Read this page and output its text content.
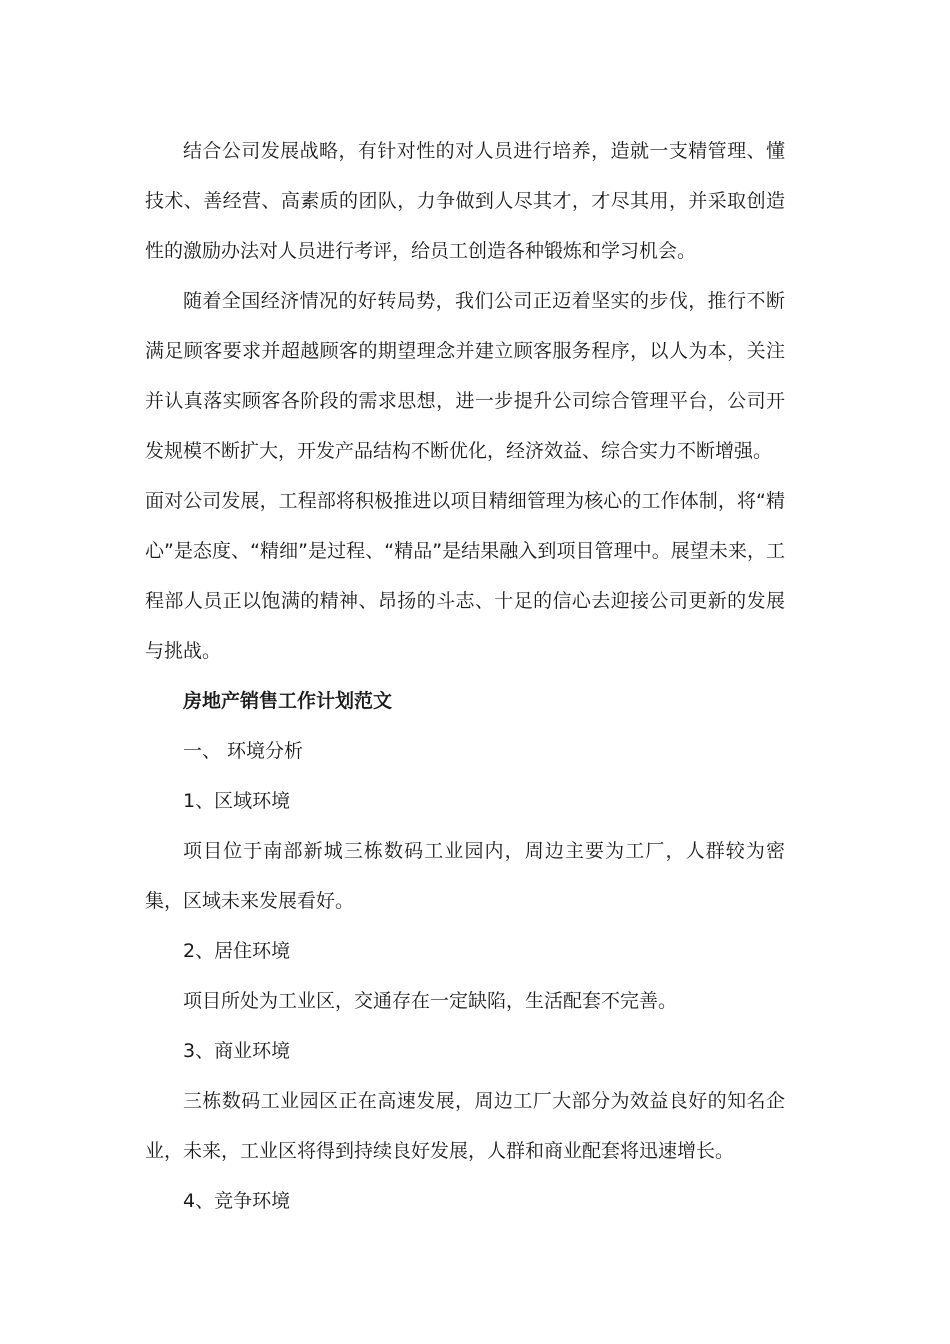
结合公司发展战略，有针对性的对人员进行培养，造就一支精管理、懂技术、善经营、高素质的团队，力争做到人尽其才，才尽其用，并采取创造性的激励办法对人员进行考评，给员工创造各种锻炼和学习机会。

随着全国经济情况的好转局势，我们公司正迈着坚实的步伐，推行不断满足顾客要求并超越顾客的期望理念并建立顾客服务程序，以人为本，关注并认真落实顾客各阶段的需求思想，进一步提升公司综合管理平台，公司开发规模不断扩大，开发产品结构不断优化，经济效益、综合实力不断增强。

面对公司发展，工程部将积极推进以项目精细管理为核心的工作体制，将“精心”是态度、“精细”是过程、“精品”是结果融入到项目管理中。展望未来，工程部人员正以饱满的精神、昂扬的斗志、十足的信心去迎接公司更新的发展与挑战。

房地产销售工作计划范文

一、 环境分析

1、区域环境

项目位于南部新城三栋数码工业园内，周边主要为工厂，人群较为密集，区域未来发展看好。

2、居住环境

项目所处为工业区，交通存在一定缺陷，生活配套不完善。

3、商业环境

三栋数码工业园区正在高速发展，周边工厂大部分为效益良好的知名企业，未来，工业区将得到持续良好发展，人群和商业配套将迅速增长。

4、竞争环境
